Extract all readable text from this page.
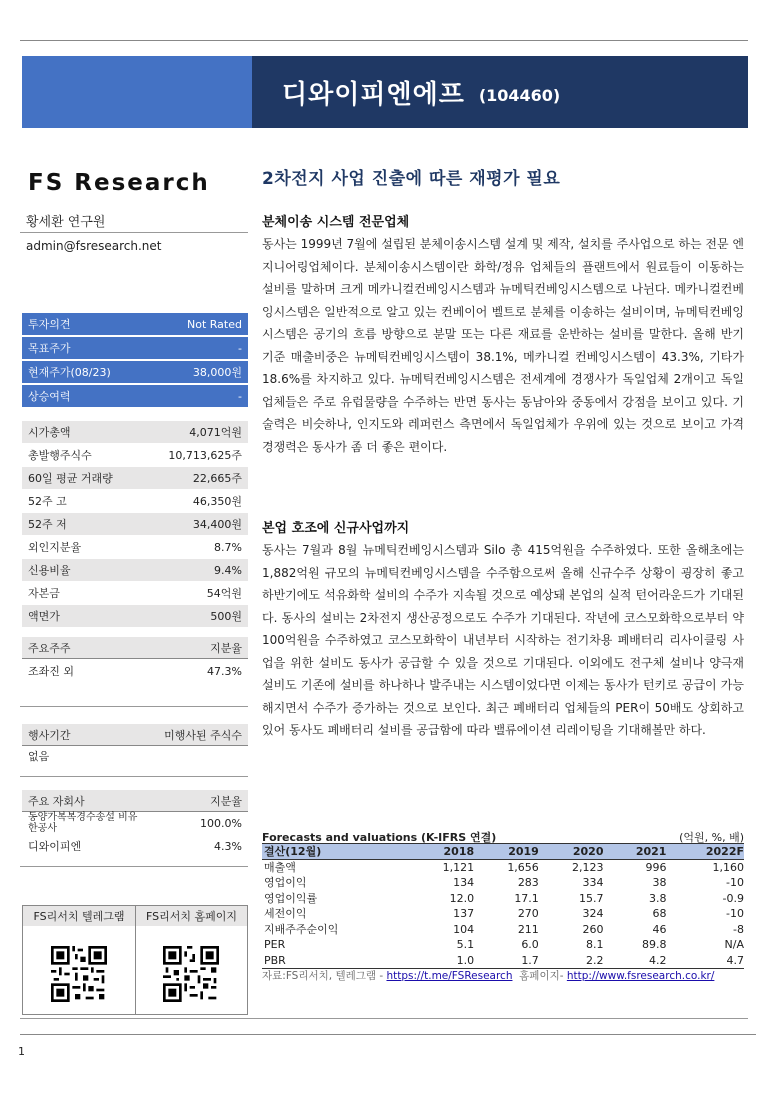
디와이피엔에프 (104460)
FS Research
황세환 연구원
admin@fsresearch.net
투자의견	Not Rated
목표주가	-
현재주가(08/23)	38,000원
상승여력	-
시가총액	4,071억원
총발행주식수	10,713,625주
60일 평균 거래량	22,665주
52주 고	46,350원
52주 저	34,400원
외인지분율	8.7%
신용비율	9.4%
자본금	54억원
액면가	500원
주요주주	지분율
조좌진 외	47.3%
행사기간	미행사된 주식수
없음
주요 자회사	지분율
동양가복복경수송설 비유한공사	100.0%
디와이피엔	4.3%
FS리서치 텔레그램	FS리서치 홈페이지
2차전지 사업 진출에 따른 재평가 필요
분체이송 시스템 전문업체
동사는 1999년 7월에 설립된 분체이송시스템 설계 및 제작, 설치를 주사업으로 하는 전문 엔지니어링업체이다. 분체이송시스템이란 화학/정유 업체들의 플랜트에서 원료들이 이동하는 설비를 말하며 크게 메카니컬컨베잉시스템과 뉴메틱컨베잉시스템으로 나뉜다. 메카니컬컨베잉시스템은 일반적으로 알고 있는 컨베이어 벨트로 분체를 이송하는 설비이며, 뉴메틱컨베잉시스템은 공기의 흐름 방향으로 분말 또는 다른 재료를 운반하는 설비를 말한다. 올해 반기 기준 매출비중은 뉴메틱컨베잉시스템이 38.1%, 메카니컬 컨베잉시스템이 43.3%, 기타가 18.6%를 차지하고 있다. 뉴메틱컨베잉시스템은 전세계에 경쟁사가 독일업체 2개이고 독일업체들은 주로 유럽물량을 수주하는 반면 동사는 동남아와 중동에서 강점을 보이고 있다. 기술력은 비슷하나, 인지도와 레퍼런스 측면에서 독일업체가 우위에 있는 것으로 보이고 가격경쟁력은 동사가 좀 더 좋은 편이다.
본업 호조에 신규사업까지
동사는 7월과 8월 뉴메틱컨베잉시스템과 Silo 총 415억원을 수주하였다. 또한 올해초에는 1,882억원 규모의 뉴메틱컨베잉시스템을 수주함으로써 올해 신규수주 상황이 굉장히 좋고 하반기에도 석유화학 설비의 수주가 지속될 것으로 예상돼 본업의 실적 턴어라운드가 기대된다. 동사의 설비는 2차전지 생산공정으로도 수주가 기대된다. 작년에 코스모화학으로부터 약 100억원을 수주하였고 코스모화학이 내년부터 시작하는 전기차용 폐배터리 리사이클링 사업을 위한 설비도 동사가 공급할 수 있을 것으로 기대된다. 이외에도 전구체 설비나 양극재 설비도 기존에 설비를 하나하나 발주내는 시스템이었다면 이제는 동사가 턴키로 공급이 가능해지면서 수주가 증가하는 것으로 보인다. 최근 폐배터리 업체들의 PER이 50배도 상회하고 있어 동사도 폐배터리 설비를 공급함에 따라 밸류에이션 리레이팅을 기대해볼만 하다.
Forecasts and valuations (K-IFRS 연결)	(억원, %, 배)
결산(12월)	2018	2019	2020	2021	2022F
매출액	1,121	1,656	2,123	996	1,160
영업이익	134	283	334	38	-10
영업이익률	12.0	17.1	15.7	3.8	-0.9
세전이익	137	270	324	68	-10
지배주주순이익	104	211	260	46	-8
PER	5.1	6.0	8.1	89.8	N/A
PBR	1.0	1.7	2.2	4.2	4.7
자료:FS리서치, 텔레그램 - https://t.me/FSResearch  홈페이지- http://www.fsresearch.co.kr/
1
